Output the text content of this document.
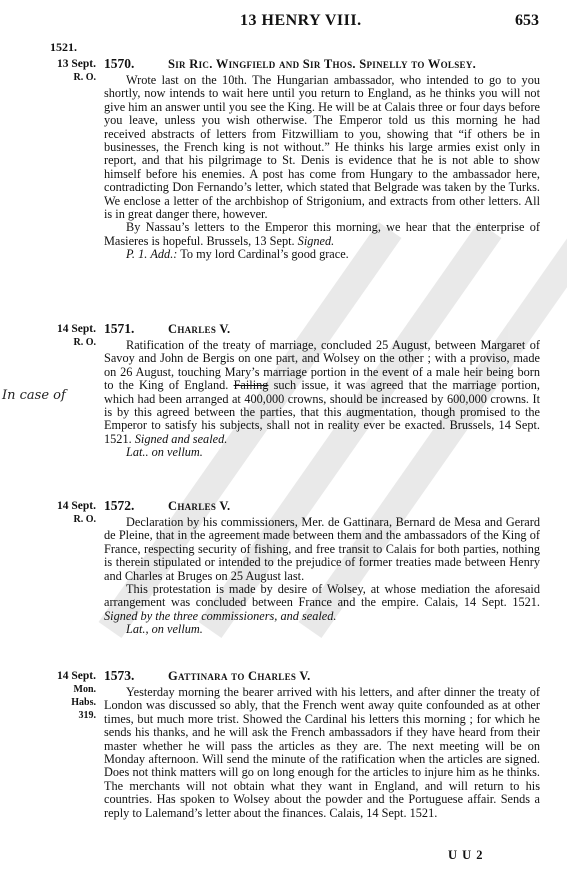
13 HENRY VIII.	653
1521.
13 Sept.
R. O.
1570.	Sir Ric. Wingfield and Sir Thos. Spinelly to Wolsey.

Wrote last on the 10th. The Hungarian ambassador, who intended to go to you shortly, now intends to wait here until you return to England, as he thinks you will not give him an answer until you see the King. He will be at Calais three or four days before you leave, unless you wish otherwise. The Emperor told us this morning he had received abstracts of letters from Fitzwilliam to you, showing that “if others be in businesses, the French king is not without.” He thinks his large armies exist only in report, and that his pilgrimage to St. Denis is evidence that he is not able to show himself before his enemies. A post has come from Hungary to the ambassador here, contradicting Don Fernando’s letter, which stated that Belgrade was taken by the Turks. We enclose a letter of the archbishop of Strigonium, and extracts from other letters. All is in great danger there, however.

By Nassau’s letters to the Emperor this morning, we hear that the enterprise of Masieres is hopeful. Brussels, 13 Sept. Signed.

P. 1. Add.: To my lord Cardinal’s good grace.

14 Sept.
R. O.
1571.	Charles V.
In case of

Ratification of the treaty of marriage, concluded 25 August, between Margaret of Savoy and John de Bergis on one part, and Wolsey on the other ; with a proviso, made on 26 August, touching Mary’s marriage portion in the event of a male heir being born to the King of England. Failing such issue, it was agreed that the marriage portion, which had been arranged at 400,000 crowns, should be increased by 600,000 crowns. It is by this agreed between the parties, that this augmentation, though promised to the Emperor to satisfy his subjects, shall not in reality ever be exacted. Brussels, 14 Sept. 1521. Signed and sealed.

Lat.. on vellum.

14 Sept.
R. O.
1572.	Charles V.

Declaration by his commissioners, Mer. de Gattinara, Bernard de Mesa and Gerard de Pleine, that in the agreement made between them and the ambassadors of the King of France, respecting security of fishing, and free transit to Calais for both parties, nothing is therein stipulated or intended to the prejudice of former treaties made between Henry and Charles at Bruges on 25 August last.

This protestation is made by desire of Wolsey, at whose mediation the aforesaid arrangement was concluded between France and the empire. Calais, 14 Sept. 1521. Signed by the three commissioners, and sealed.

Lat., on vellum.

14 Sept.
Mon. Habs.
319.
1573.	Gattinara to Charles V.

Yesterday morning the bearer arrived with his letters, and after dinner the treaty of London was discussed so ably, that the French went away quite confounded as at other times, but much more trist. Showed the Cardinal his letters this morning ; for which he sends his thanks, and he will ask the French ambassadors if they have heard from their master whether he will pass the articles as they are. The next meeting will be on Monday afternoon. Will send the minute of the ratification when the articles are signed. Does not think matters will go on long enough for the articles to injure him as he thinks. The merchants will not obtain what they want in England, and will return to his countries. Has spoken to Wolsey about the powder and the Portuguese affair. Sends a reply to Lalemand’s letter about the finances. Calais, 14 Sept. 1521.

U U 2
